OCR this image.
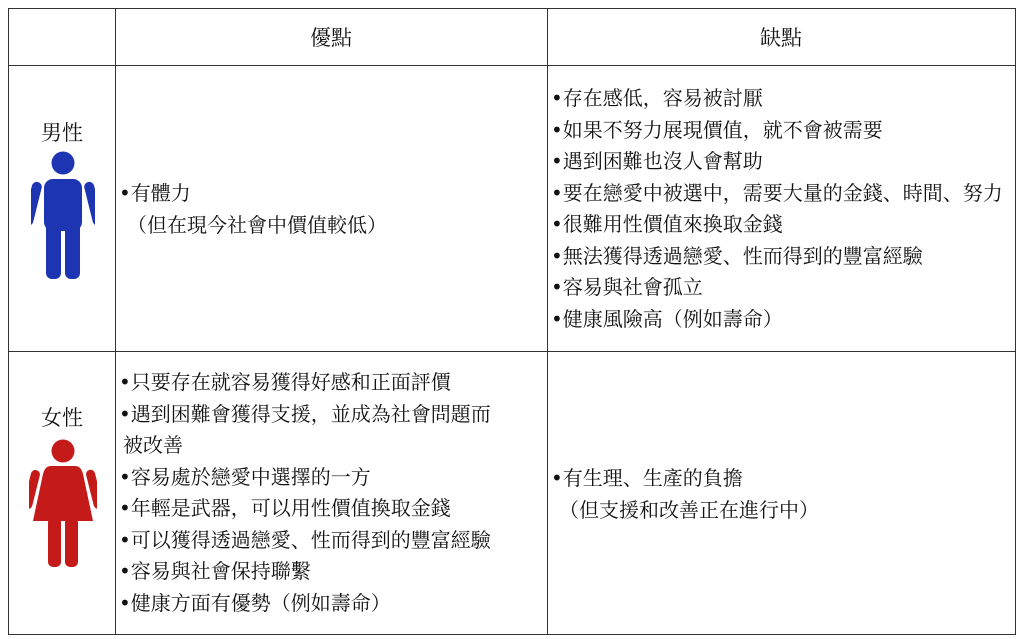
優點	缺點
男性
•有體力
（但在現今社會中價值較低）
•存在感低，容易被討厭
•如果不努力展現價值，就不會被需要
•遇到困難也沒人會幫助
•要在戀愛中被選中，需要大量的金錢、時間、努力
•很難用性價值來換取金錢
•無法獲得透過戀愛、性而得到的豐富經驗
•容易與社會孤立
•健康風險高（例如壽命）
女性
•只要存在就容易獲得好感和正面評價
•遇到困難會獲得支援，並成為社會問題而
被改善
•容易處於戀愛中選擇的一方
•年輕是武器，可以用性價值換取金錢
•可以獲得透過戀愛、性而得到的豐富經驗
•容易與社會保持聯繫
•健康方面有優勢（例如壽命）
•有生理、生產的負擔
（但支援和改善正在進行中）
